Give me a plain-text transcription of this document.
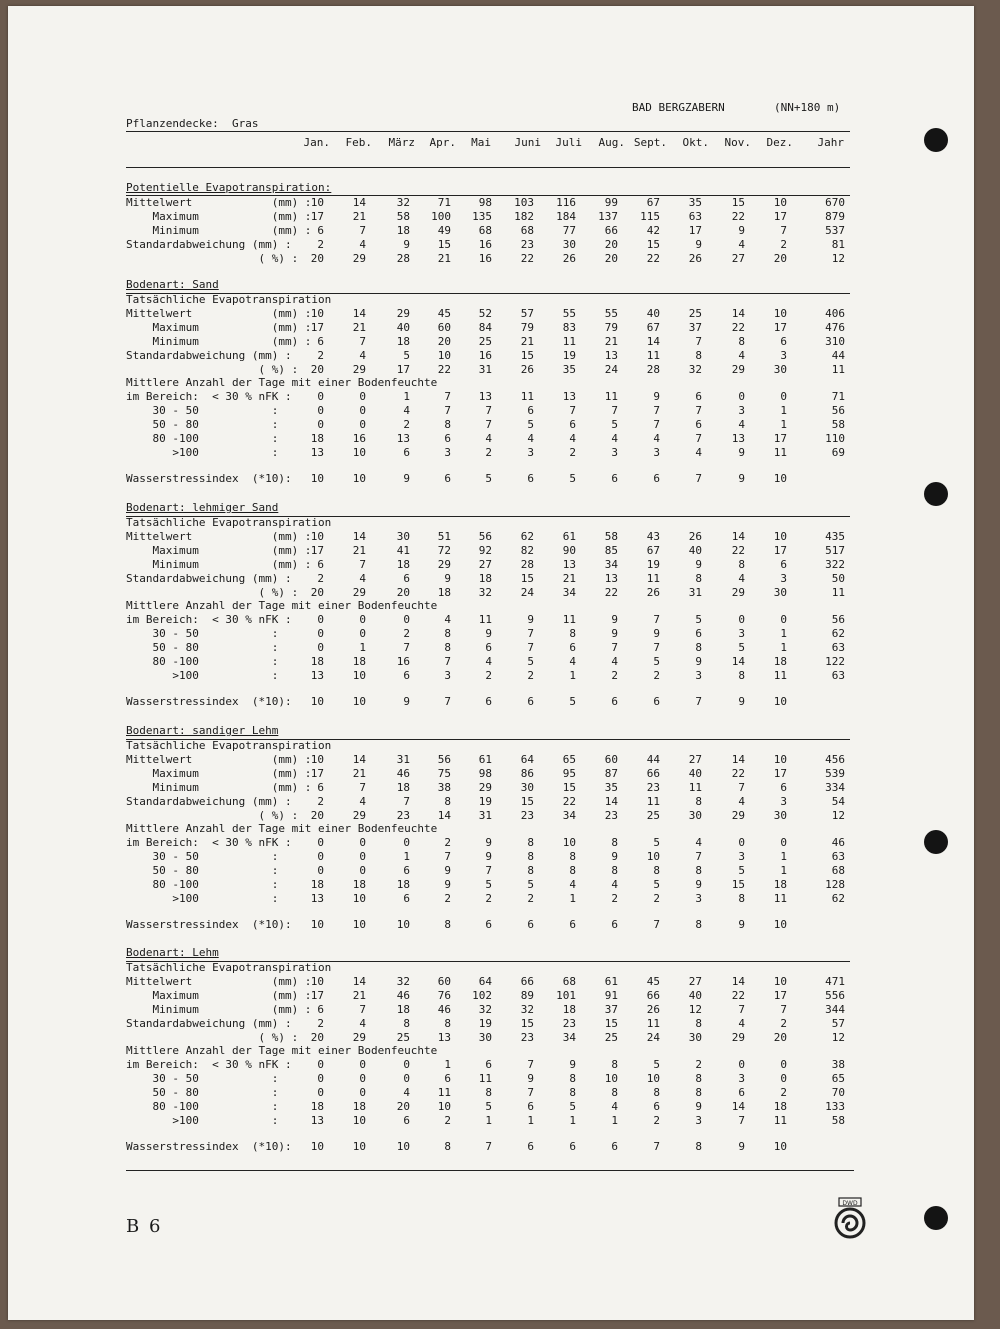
BAD BERGZABERN	(NN+180 m)
Pflanzendecke:  Gras
Jan.	Feb.	März	Apr.	Mai	Juni	Juli	Aug. Sept.	Okt.	Nov.	Dez.	Jahr
Potentielle Evapotranspiration:
Mittelwert            (mm) : 10	14	32	71	98	103	116	99	67	35	15	10	670
Maximum           (mm) : 17	21	58	100	135	182	184	137	115	63	22	17	879
Minimum           (mm) : 6	7	18	49	68	68	77	66	42	17	9	7	537
Standardabweichung (mm) :	2	4	9	15	16	23	30	20	15	9	4	2	81
( %) :	20	29	28	21	16	22	26	20	22	26	27	20	12
Bodenart: Sand
Tatsächliche Evapotranspiration
Mittelwert            (mm) : 10	14	29	45	52	57	55	55	40	25	14	10	406
Maximum           (mm) : 17	21	40	60	84	79	83	79	67	37	22	17	476
Minimum           (mm) : 6	7	18	20	25	21	11	21	14	7	8	6	310
Standardabweichung (mm) :	2	4	5	10	16	15	19	13	11	8	4	3	44
( %) :	20	29	17	22	31	26	35	24	28	32	29	30	11
Mittlere Anzahl der Tage mit einer Bodenfeuchte
im Bereich:  < 30 % nFK :	0	0	1	7	13	11	13	11	9	6	0	0	71
30 - 50           :	0	0	4	7	7	6	7	7	7	7	3	1	56
50 - 80           :	0	0	2	8	7	5	6	5	7	6	4	1	58
80 -100           :	18	16	13	6	4	4	4	4	4	7	13	17	110
>100           :	13	10	6	3	2	3	2	3	3	4	9	11	69
Wasserstressindex  (*10):	10	10	9	6	5	6	5	6	6	7	9	10
Bodenart: lehmiger Sand
Tatsächliche Evapotranspiration
Mittelwert            (mm) : 10	14	30	51	56	62	61	58	43	26	14	10	435
Maximum           (mm) : 17	21	41	72	92	82	90	85	67	40	22	17	517
Minimum           (mm) : 6	7	18	29	27	28	13	34	19	9	8	6	322
Standardabweichung (mm) :	2	4	6	9	18	15	21	13	11	8	4	3	50
( %) :	20	29	20	18	32	24	34	22	26	31	29	30	11
Mittlere Anzahl der Tage mit einer Bodenfeuchte
im Bereich:  < 30 % nFK :	0	0	0	4	11	9	11	9	7	5	0	0	56
30 - 50           :	0	0	2	8	9	7	8	9	9	6	3	1	62
50 - 80           :	0	1	7	8	6	7	6	7	7	8	5	1	63
80 -100           :	18	18	16	7	4	5	4	4	5	9	14	18	122
>100           :	13	10	6	3	2	2	1	2	2	3	8	11	63
Wasserstressindex  (*10):	10	10	9	7	6	6	5	6	6	7	9	10
Bodenart: sandiger Lehm
Tatsächliche Evapotranspiration
Mittelwert            (mm) : 10	14	31	56	61	64	65	60	44	27	14	10	456
Maximum           (mm) : 17	21	46	75	98	86	95	87	66	40	22	17	539
Minimum           (mm) : 6	7	18	38	29	30	15	35	23	11	7	6	334
Standardabweichung (mm) :	2	4	7	8	19	15	22	14	11	8	4	3	54
( %) :	20	29	23	14	31	23	34	23	25	30	29	30	12
Mittlere Anzahl der Tage mit einer Bodenfeuchte
im Bereich:  < 30 % nFK :	0	0	0	2	9	8	10	8	5	4	0	0	46
30 - 50           :	0	0	1	7	9	8	8	9	10	7	3	1	63
50 - 80           :	0	0	6	9	7	8	8	8	8	8	5	1	68
80 -100           :	18	18	18	9	5	5	4	4	5	9	15	18	128
>100           :	13	10	6	2	2	2	1	2	2	3	8	11	62
Wasserstressindex  (*10):	10	10	10	8	6	6	6	6	7	8	9	10
Bodenart: Lehm
Tatsächliche Evapotranspiration
Mittelwert            (mm) : 10	14	32	60	64	66	68	61	45	27	14	10	471
Maximum           (mm) : 17	21	46	76	102	89	101	91	66	40	22	17	556
Minimum           (mm) : 6	7	18	46	32	32	18	37	26	12	7	7	344
Standardabweichung (mm) :	2	4	8	8	19	15	23	15	11	8	4	2	57
( %) :	20	29	25	13	30	23	34	25	24	30	29	20	12
Mittlere Anzahl der Tage mit einer Bodenfeuchte
im Bereich:  < 30 % nFK :	0	0	0	1	6	7	9	8	5	2	0	0	38
30 - 50           :	0	0	0	6	11	9	8	10	10	8	3	0	65
50 - 80           :	0	0	4	11	8	7	8	8	8	8	6	2	70
80 -100           :	18	18	20	10	5	6	5	4	6	9	14	18	133
>100           :	13	10	6	2	1	1	1	1	2	3	7	11	58
Wasserstressindex  (*10):	10	10	10	8	7	6	6	6	7	8	9	10
B 6
DWD
